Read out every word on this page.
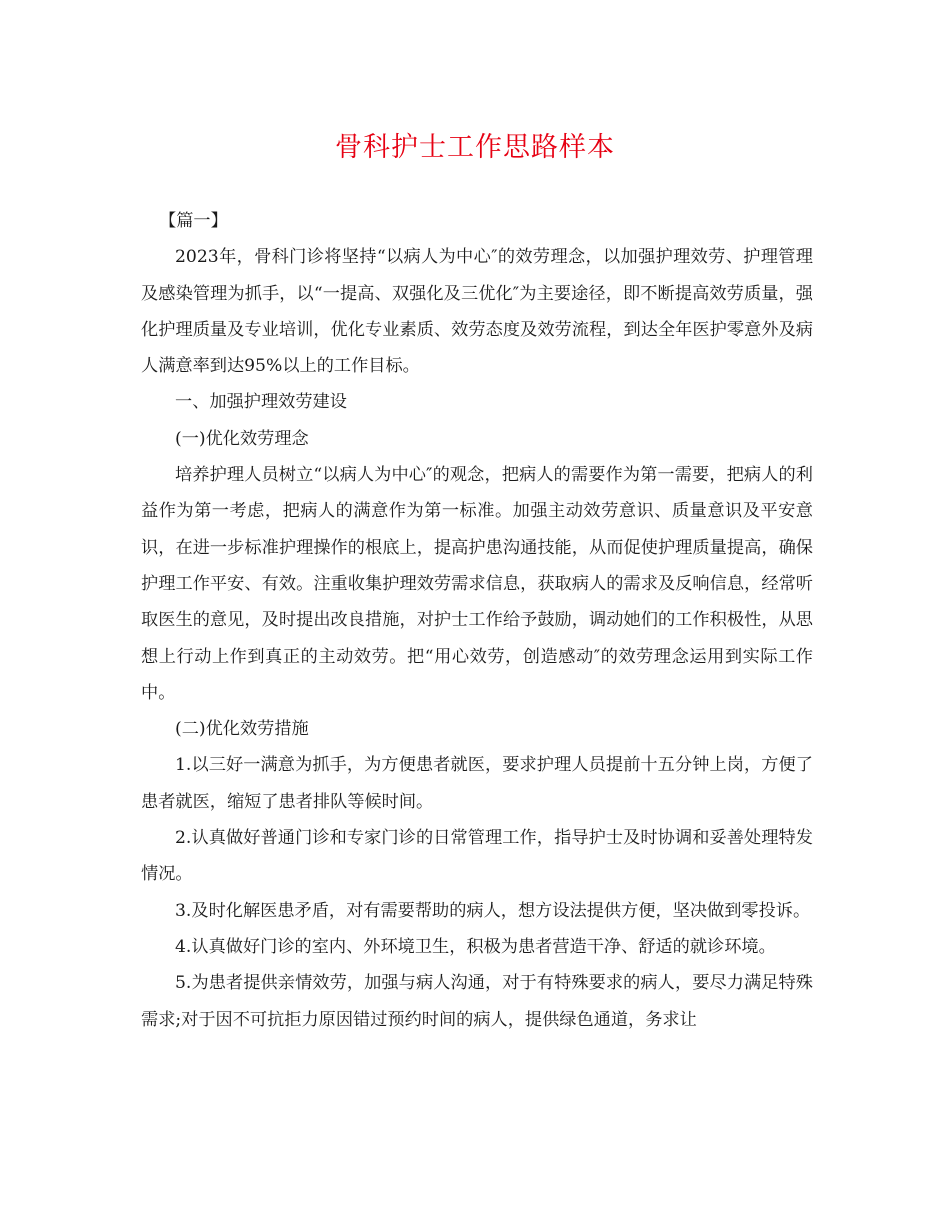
骨科护士工作思路样本

【篇一】

2023年，骨科门诊将坚持“以病人为中心″的效劳理念，以加强护理效劳、护理管理及感染管理为抓手，以“一提高、双强化及三优化″为主要途径，即不断提高效劳质量，强化护理质量及专业培训，优化专业素质、效劳态度及效劳流程，到达全年医护零意外及病人满意率到达95%以上的工作目标。

一、加强护理效劳建设

(一)优化效劳理念

培养护理人员树立“以病人为中心″的观念，把病人的需要作为第一需要，把病人的利益作为第一考虑，把病人的满意作为第一标准。加强主动效劳意识、质量意识及平安意识，在进一步标准护理操作的根底上，提高护患沟通技能，从而促使护理质量提高，确保护理工作平安、有效。注重收集护理效劳需求信息，获取病人的需求及反响信息，经常听取医生的意见，及时提出改良措施，对护士工作给予鼓励，调动她们的工作积极性，从思想上行动上作到真正的主动效劳。把“用心效劳，创造感动″的效劳理念运用到实际工作中。

(二)优化效劳措施

1.以三好一满意为抓手，为方便患者就医，要求护理人员提前十五分钟上岗，方便了患者就医，缩短了患者排队等候时间。

2.认真做好普通门诊和专家门诊的日常管理工作，指导护士及时协调和妥善处理特发情况。

3.及时化解医患矛盾，对有需要帮助的病人，想方设法提供方便，坚决做到零投诉。

4.认真做好门诊的室内、外环境卫生，积极为患者营造干净、舒适的就诊环境。

5.为患者提供亲情效劳，加强与病人沟通，对于有特殊要求的病人，要尽力满足特殊需求;对于因不可抗拒力原因错过预约时间的病人，提供绿色通道，务求让
